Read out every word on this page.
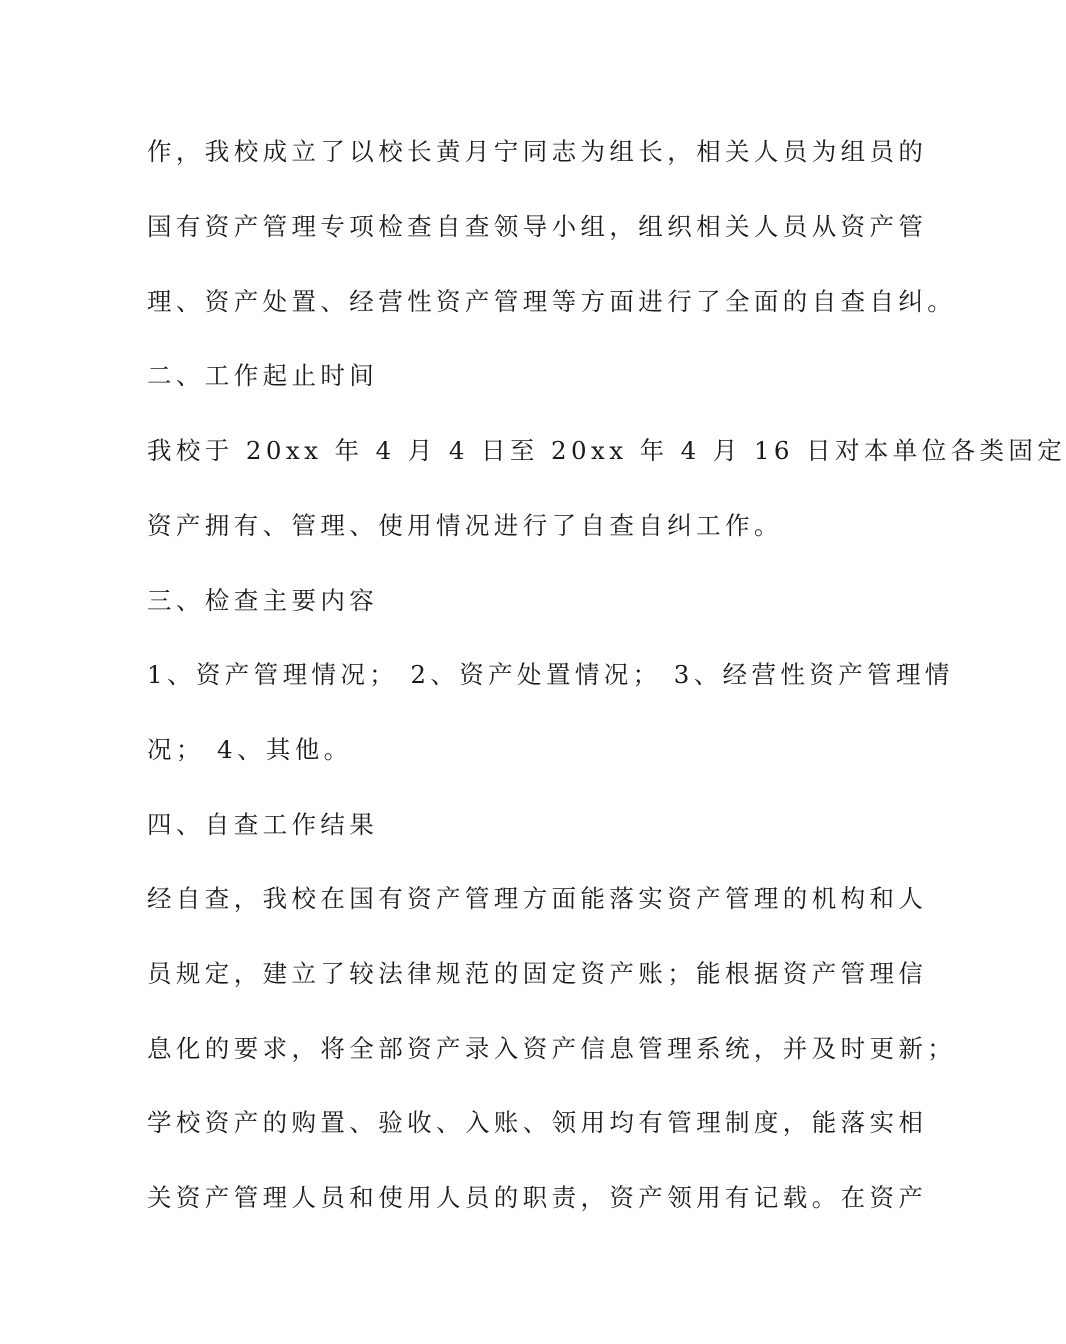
作，我校成立了以校长黄月宁同志为组长，相关人员为组员的

国有资产管理专项检查自查领导小组，组织相关人员从资产管

理、资产处置、经营性资产管理等方面进行了全面的自查自纠。

二、工作起止时间

我校于 20xx 年 4 月 4 日至 20xx 年 4 月 16 日对本单位各类固定

资产拥有、管理、使用情况进行了自查自纠工作。

三、检查主要内容

1、资产管理情况； 2、资产处置情况； 3、经营性资产管理情

况； 4、其他。

四、自查工作结果

经自查，我校在国有资产管理方面能落实资产管理的机构和人

员规定，建立了较法律规范的固定资产账；能根据资产管理信

息化的要求，将全部资产录入资产信息管理系统，并及时更新；

学校资产的购置、验收、入账、领用均有管理制度，能落实相

关资产管理人员和使用人员的职责，资产领用有记载。在资产
